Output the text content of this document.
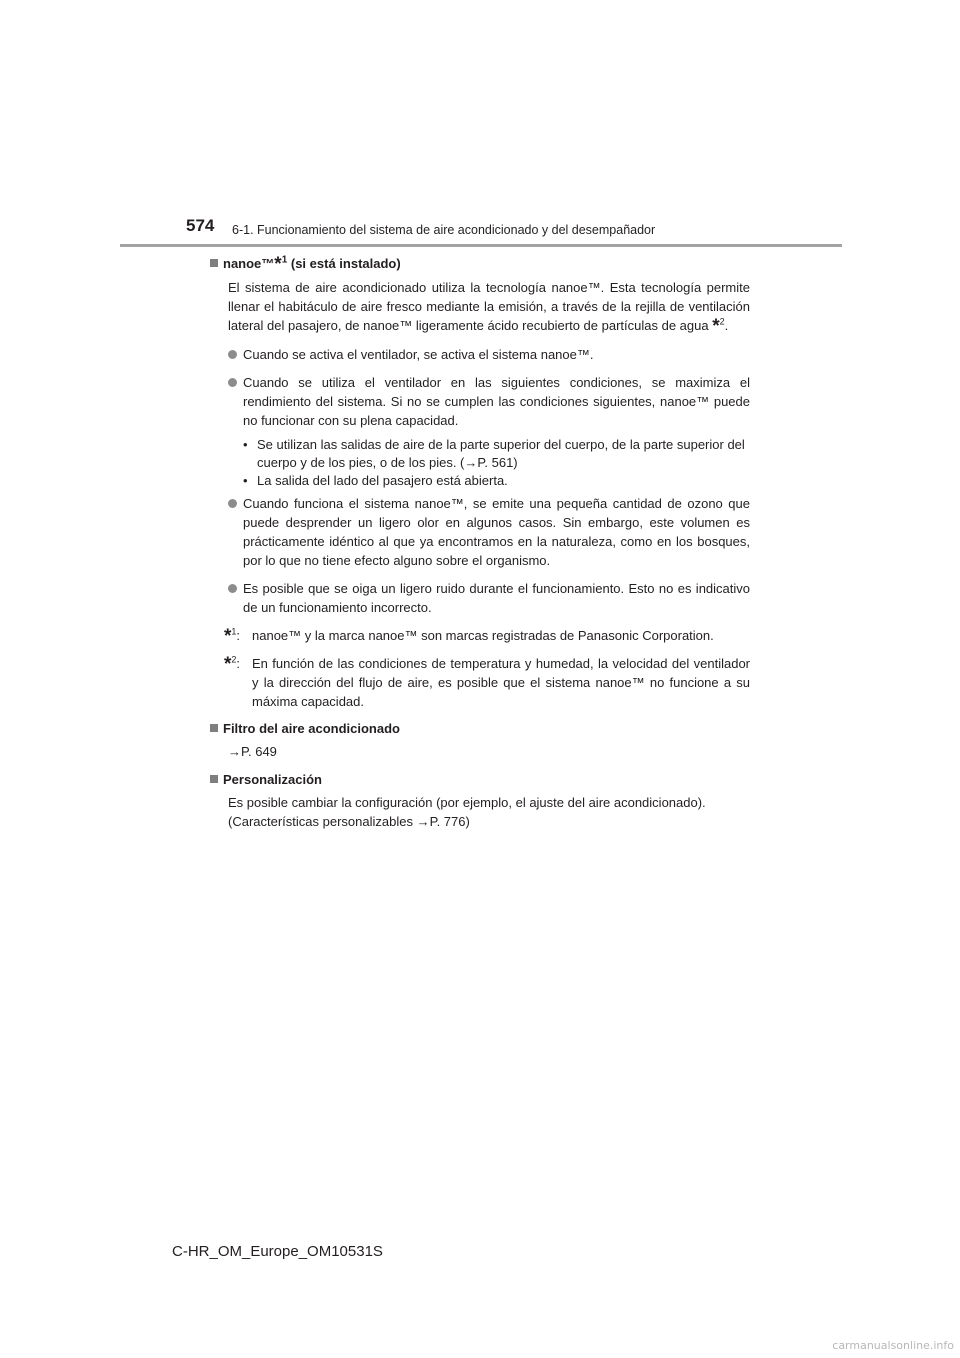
574 6-1. Funcionamiento del sistema de aire acondicionado y del desempañador
nanoe™*$^1$ (si está instalado)

El sistema de aire acondicionado utiliza la tecnología nanoe™. Esta tecnología permite llenar el habitáculo de aire fresco mediante la emisión, a través de la rejilla de ventilación lateral del pasajero, de nanoe™ ligeramente ácido recubierto de partículas de agua *$^2$.

Cuando se activa el ventilador, se activa el sistema nanoe™.
Cuando se utiliza el ventilador en las siguientes condiciones, se maximiza el rendimiento del sistema. Si no se cumplen las condiciones siguientes, nanoe™ puede no funcionar con su plena capacidad.
• Se utilizan las salidas de aire de la parte superior del cuerpo, de la parte superior del cuerpo y de los pies, o de los pies. (→P. 561)
• La salida del lado del pasajero está abierta.
Cuando funciona el sistema nanoe™, se emite una pequeña cantidad de ozono que puede desprender un ligero olor en algunos casos. Sin embargo, este volumen es prácticamente idéntico al que ya encontramos en la naturaleza, como en los bosques, por lo que no tiene efecto alguno sobre el organismo.
Es posible que se oiga un ligero ruido durante el funcionamiento. Esto no es indicativo de un funcionamiento incorrecto.
*$^1$: nanoe™ y la marca nanoe™ son marcas registradas de Panasonic Corporation.
*$^2$: En función de las condiciones de temperatura y humedad, la velocidad del ventilador y la dirección del flujo de aire, es posible que el sistema nanoe™ no funcione a su máxima capacidad.
Filtro del aire acondicionado
→P. 649
Personalización
Es posible cambiar la configuración (por ejemplo, el ajuste del aire acondicionado).
(Características personalizables →P. 776)
C-HR_OM_Europe_OM10531S
carmanualsonline.info
